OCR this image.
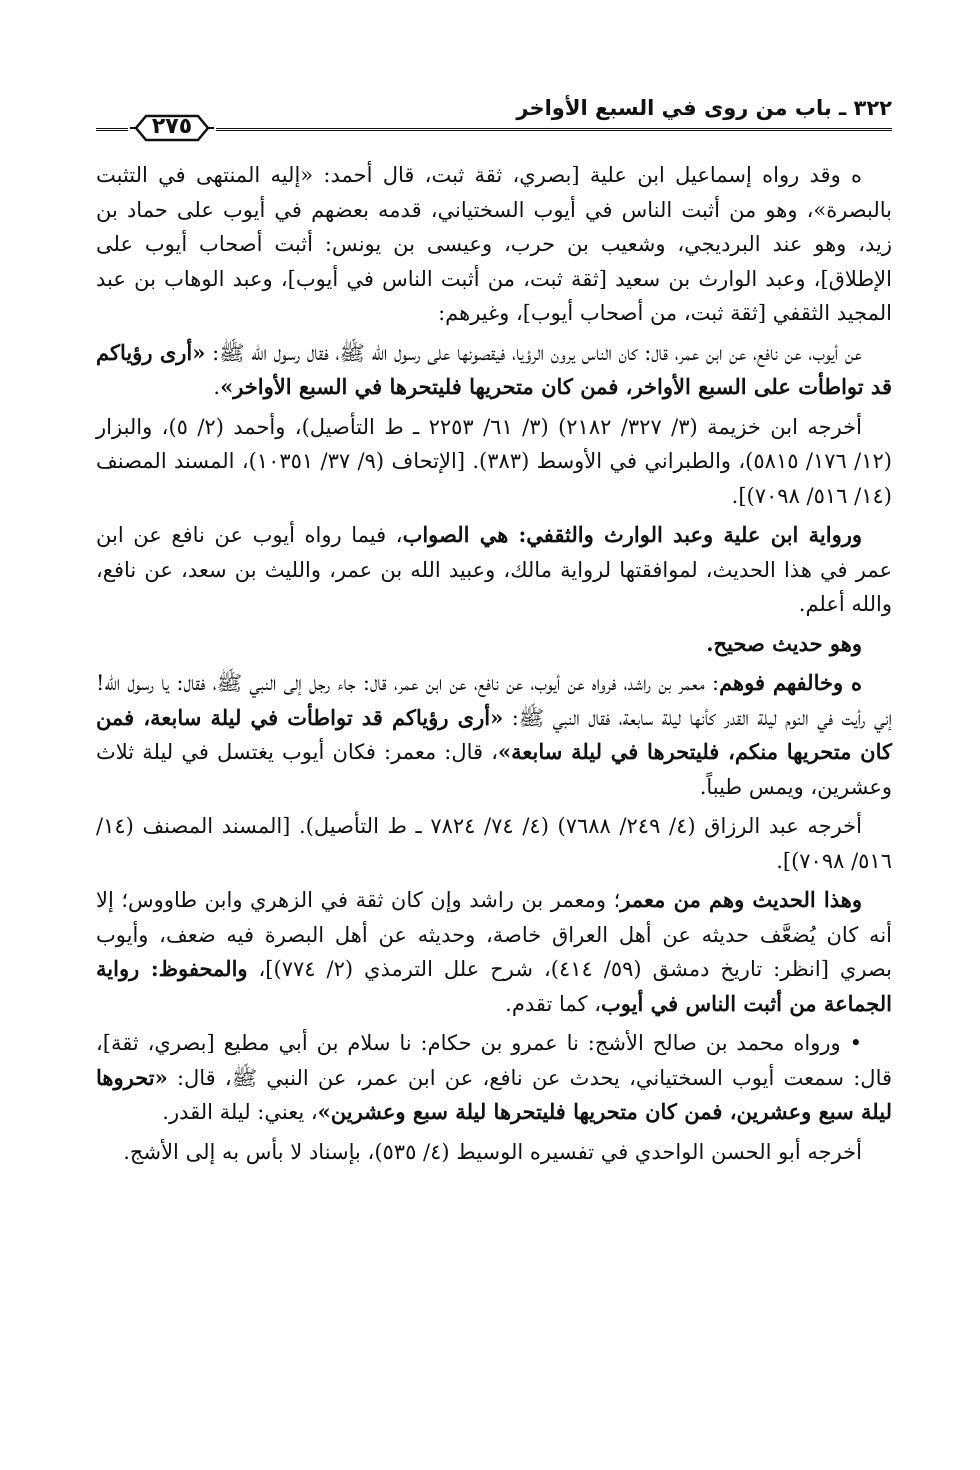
٣٢٢ ـ باب من روى في السبع الأواخر
٢٧٥

ه وقد رواه إسماعيل ابن علية [بصري، ثقة ثبت، قال أحمد: «إليه المنتهى في التثبت بالبصرة»، وهو من أثبت الناس في أيوب السختياني، قدمه بعضهم في أيوب على حماد بن زيد، وهو عند البرديجي، وشعيب بن حرب، وعيسى بن يونس: أثبت أصحاب أيوب على الإطلاق]، وعبد الوارث بن سعيد [ثقة ثبت، من أثبت الناس في أيوب]، وعبد الوهاب بن عبد المجيد الثقفي [ثقة ثبت، من أصحاب أيوب]، وغيرهم:

عن أيوب، عن نافع، عن ابن عمر، قال: كان الناس يرون الرؤيا، فيقصونها على رسول الله ﷺ، فقال رسول الله ﷺ: «أرى رؤياكم قد تواطأت على السبع الأواخر، فمن كان متحريها فليتحرها في السبع الأواخر».

أخرجه ابن خزيمة (٣/ ٣٢٧/ ٢١٨٢) (٣/ ٦١/ ٢٢٥٣ ـ ط التأصيل)، وأحمد (٢/ ٥)، والبزار (١٢/ ١٧٦/ ٥٨١٥)، والطبراني في الأوسط (٣٨٣). [الإتحاف (٩/ ٣٧/ ١٠٣٥١)، المسند المصنف (١٤/ ٥١٦/ ٧٠٩٨)].

ورواية ابن علية وعبد الوارث والثقفي: هي الصواب، فيما رواه أيوب عن نافع عن ابن عمر في هذا الحديث، لموافقتها لرواية مالك، وعبيد الله بن عمر، والليث بن سعد، عن نافع، والله أعلم.

وهو حديث صحيح.

ه وخالفهم فوهم: معمر بن راشد، فرواه عن أيوب، عن نافع، عن ابن عمر، قال: جاء رجل إلى النبي ﷺ، فقال: يا رسول الله! إني رأيت في النوم ليلة القدر كأنها ليلة سابعة، فقال النبي ﷺ: «أرى رؤياكم قد تواطأت في ليلة سابعة، فمن كان متحريها منكم، فليتحرها في ليلة سابعة»، قال: معمر: فكان أيوب يغتسل في ليلة ثلاث وعشرين، ويمس طيباً.

أخرجه عبد الرزاق (٤/ ٢٤٩/ ٧٦٨٨) (٤/ ٧٤/ ٧٨٢٤ ـ ط التأصيل). [المسند المصنف (١٤/ ٥١٦/ ٧٠٩٨)].

وهذا الحديث وهم من معمر؛ ومعمر بن راشد وإن كان ثقة في الزهري وابن طاووس؛ إلا أنه كان يُضعَّف حديثه عن أهل العراق خاصة، وحديثه عن أهل البصرة فيه ضعف، وأيوب بصري [انظر: تاريخ دمشق (٥٩/ ٤١٤)، شرح علل الترمذي (٢/ ٧٧٤)]، والمحفوظ: رواية الجماعة من أثبت الناس في أيوب، كما تقدم.

• ورواه محمد بن صالح الأشج: نا عمرو بن حكام: نا سلام بن أبي مطيع [بصري، ثقة]، قال: سمعت أيوب السختياني، يحدث عن نافع، عن ابن عمر، عن النبي ﷺ، قال: «تحروها ليلة سبع وعشرين، فمن كان متحريها فليتحرها ليلة سبع وعشرين»، يعني: ليلة القدر.

أخرجه أبو الحسن الواحدي في تفسيره الوسيط (٤/ ٥٣٥)، بإسناد لا بأس به إلى الأشج.
